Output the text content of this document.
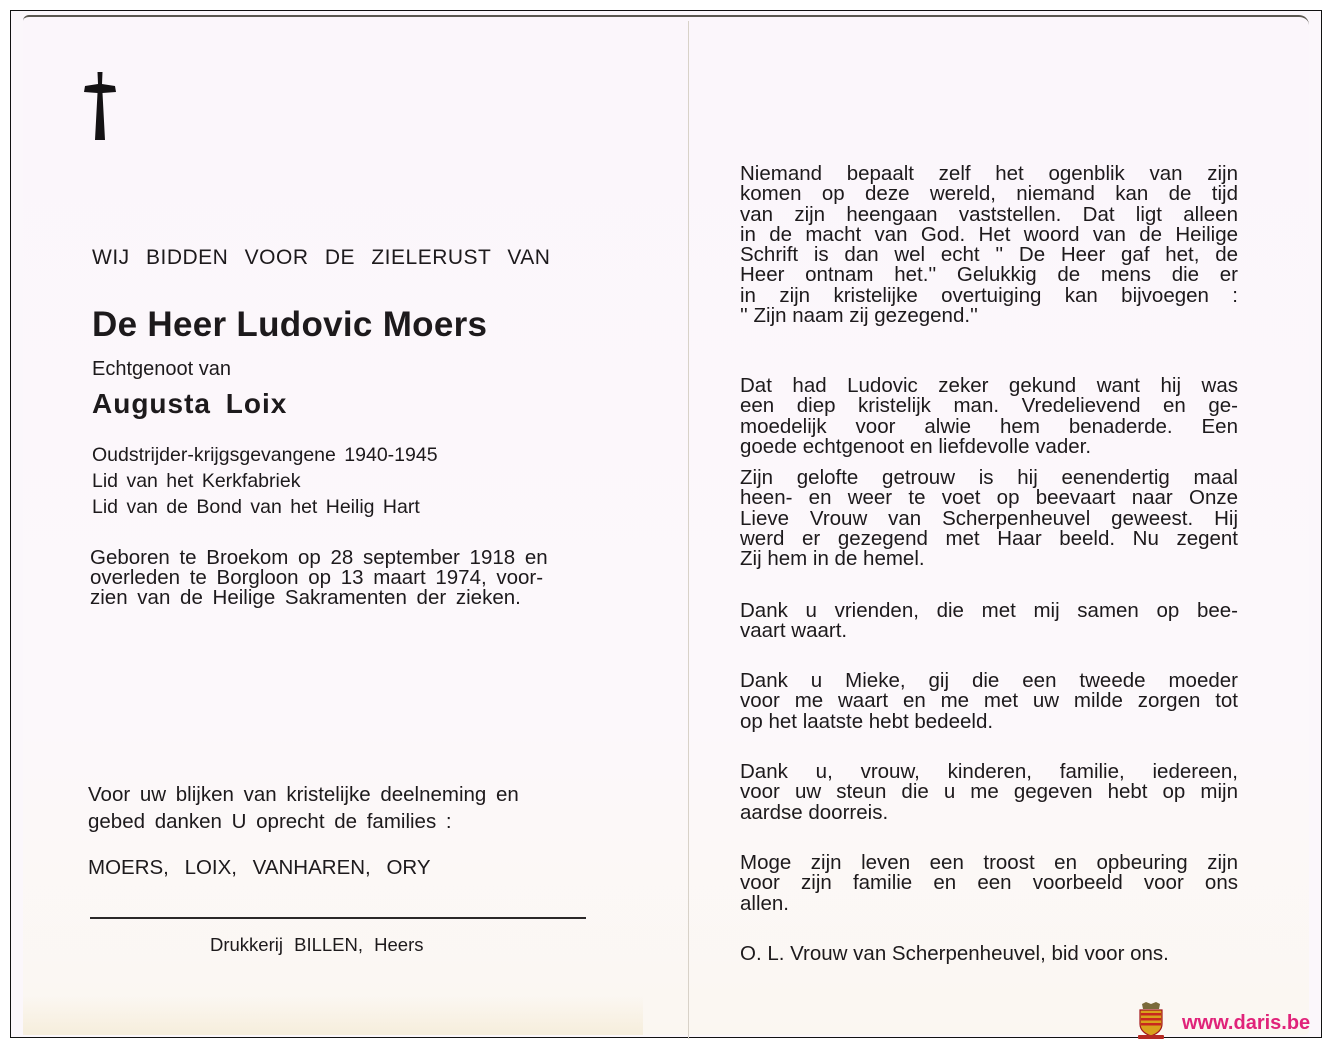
WIJ BIDDEN VOOR DE ZIELERUST VAN
De Heer Ludovic Moers
Echtgenoot van
Augusta Loix
Oudstrijder-krijgsgevangene 1940-1945
Lid van het Kerkfabriek
Lid van de Bond van het Heilig Hart
Geboren te Broekom op 28 september 1918 en
overleden te Borgloon op 13 maart 1974, voor-
zien van de Heilige Sakramenten der zieken.
Voor uw blijken van kristelijke deelneming en
gebed danken U oprecht de families :
MOERS, LOIX, VANHAREN, ORY
Drukkerij BILLEN, Heers
Niemand bepaalt zelf het ogenblik van zijn
komen op deze wereld, niemand kan de tijd
van zijn heengaan vaststellen. Dat ligt alleen
in de macht van God. Het woord van de Heilige
Schrift is dan wel echt '' De Heer gaf het, de
Heer ontnam het.'' Gelukkig de mens die er
in zijn kristelijke overtuiging kan bijvoegen :
'' Zijn naam zij gezegend.''
Dat had Ludovic zeker gekund want hij was
een diep kristelijk man. Vredelievend en ge-
moedelijk voor alwie hem benaderde. Een
goede echtgenoot en liefdevolle vader.
Zijn gelofte getrouw is hij eenendertig maal
heen- en weer te voet op beevaart naar Onze
Lieve Vrouw van Scherpenheuvel geweest. Hij
werd er gezegend met Haar beeld. Nu zegent
Zij hem in de hemel.
Dank u vrienden, die met mij samen op bee-
vaart waart.
Dank u Mieke, gij die een tweede moeder
voor me waart en me met uw milde zorgen tot
op het laatste hebt bedeeld.
Dank u, vrouw, kinderen, familie, iedereen,
voor uw steun die u me gegeven hebt op mijn
aardse doorreis.
Moge zijn leven een troost en opbeuring zijn
voor zijn familie en een voorbeeld voor ons
allen.
O. L. Vrouw van Scherpenheuvel, bid voor ons.
www.daris.be
